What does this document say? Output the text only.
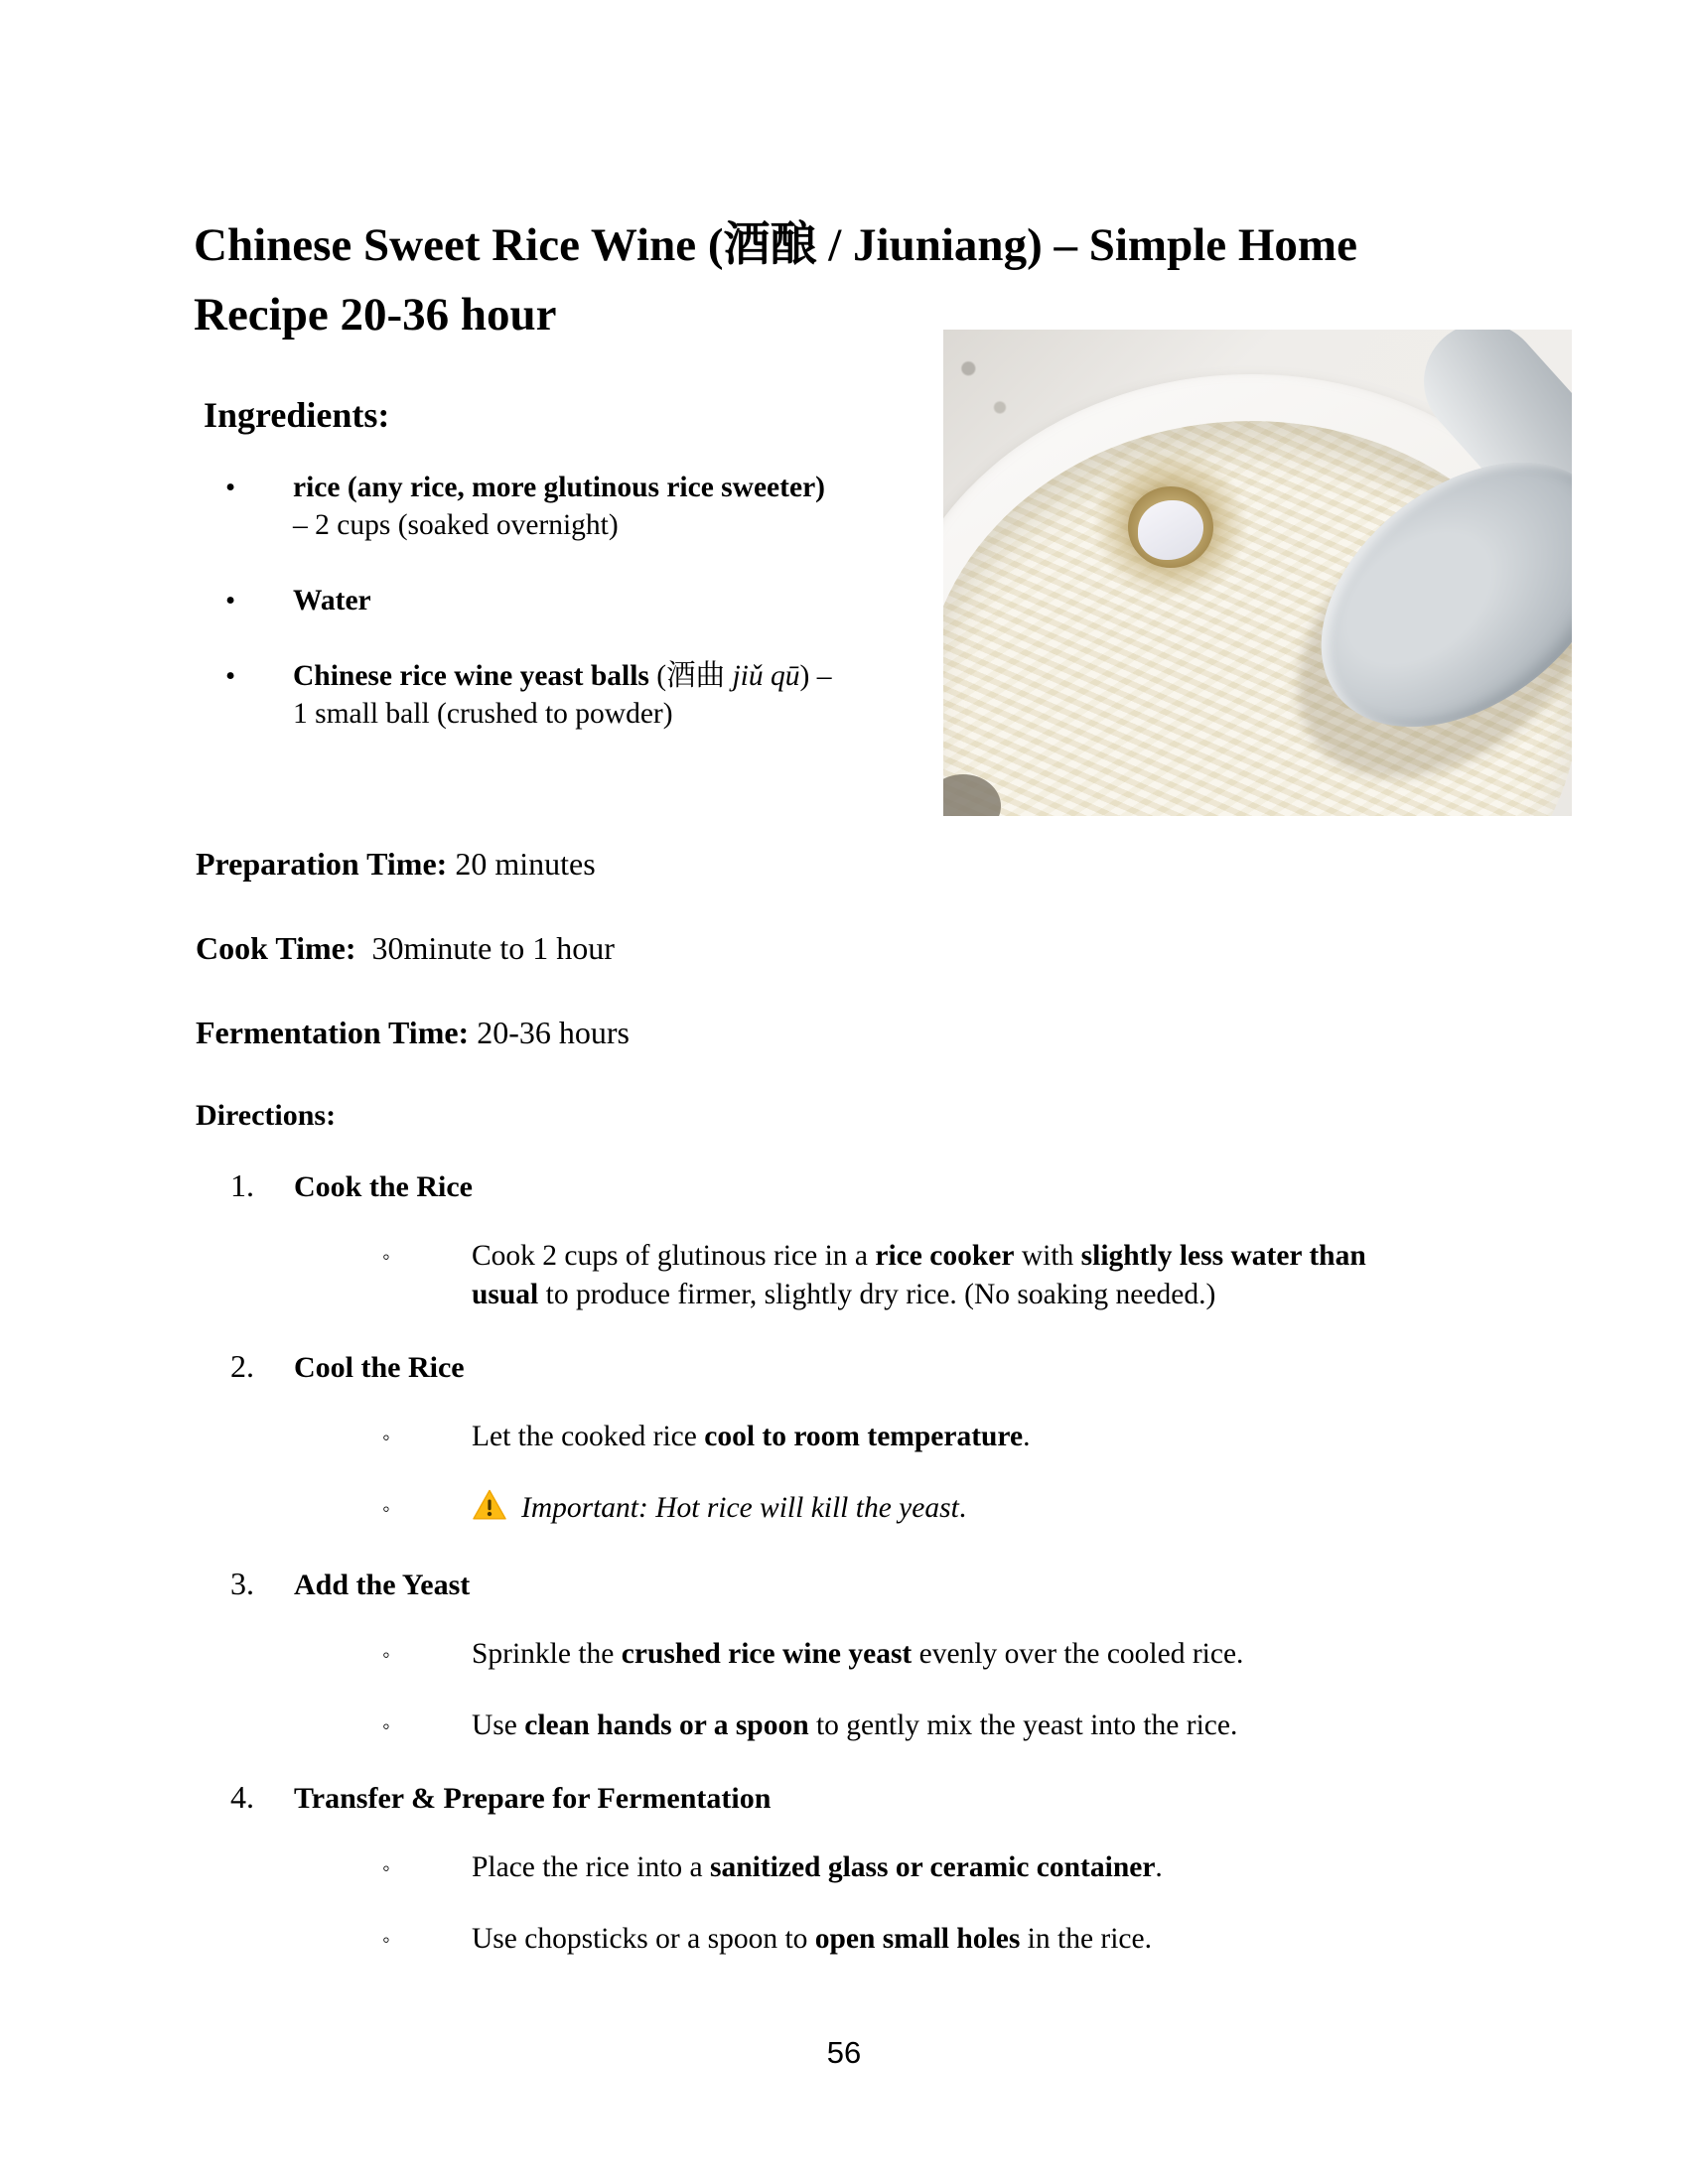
Chinese Sweet Rice Wine (酒酿 / Jiuniang) – Simple Home
Recipe 20-36 hour
Ingredients:
•	rice (any rice, more glutinous rice sweeter)
– 2 cups (soaked overnight)
•	Water
•	Chinese rice wine yeast balls (酒曲 jiǔ qū) –
1 small ball (crushed to powder)
Preparation Time: 20 minutes
Cook Time:  30minute to 1 hour
Fermentation Time: 20-36 hours
Directions:
1.	Cook the Rice
◦	Cook 2 cups of glutinous rice in a rice cooker with slightly less water than
usual to produce firmer, slightly dry rice. (No soaking needed.)
2.	Cool the Rice
◦	Let the cooked rice cool to room temperature.
◦	Important: Hot rice will kill the yeast.
3.	Add the Yeast
◦	Sprinkle the crushed rice wine yeast evenly over the cooled rice.
◦	Use clean hands or a spoon to gently mix the yeast into the rice.
4.	Transfer & Prepare for Fermentation
◦	Place the rice into a sanitized glass or ceramic container.
◦	Use chopsticks or a spoon to open small holes in the rice.
56
